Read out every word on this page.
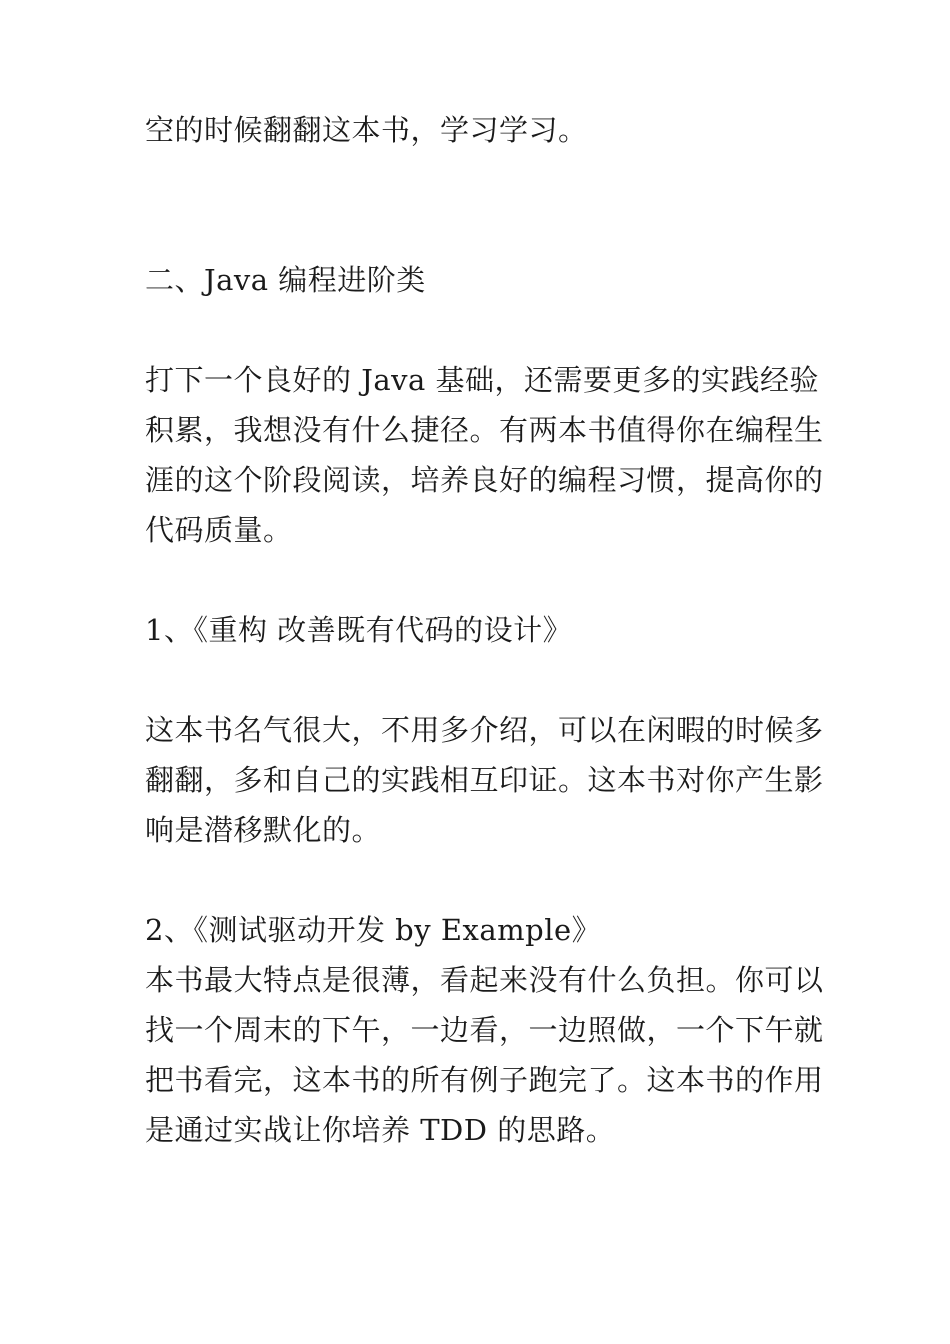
空的时候翻翻这本书，学习学习。
二、Java 编程进阶类
打下一个良好的 Java 基础，还需要更多的实践经验
积累，我想没有什么捷径。有两本书值得你在编程生
涯的这个阶段阅读，培养良好的编程习惯，提高你的
代码质量。
1、《重构 改善既有代码的设计》
这本书名气很大，不用多介绍，可以在闲暇的时候多
翻翻，多和自己的实践相互印证。这本书对你产生影
响是潜移默化的。
2、《测试驱动开发 by Example》
本书最大特点是很薄，看起来没有什么负担。你可以
找一个周末的下午，一边看，一边照做，一个下午就
把书看完，这本书的所有例子跑完了。这本书的作用
是通过实战让你培养 TDD 的思路。
